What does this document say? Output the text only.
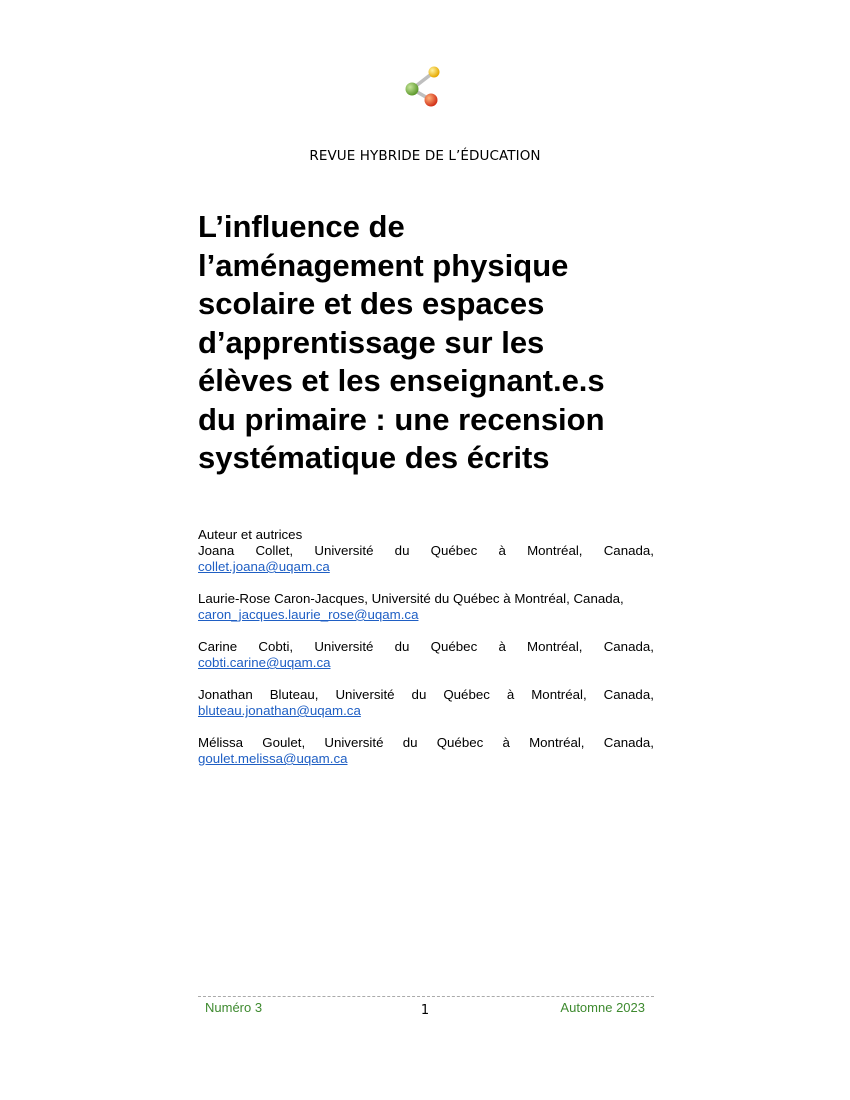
REVUE HYBRIDE DE L’ÉDUCATION
L’influence de
l’aménagement physique
scolaire et des espaces
d’apprentissage sur les
élèves et les enseignant.e.s
du primaire : une recension
systématique des écrits
Auteur et autrices
Joana Collet, Université du Québec à Montréal, Canada,
collet.joana@uqam.ca
Laurie-Rose Caron-Jacques, Université du Québec à Montréal, Canada,
caron_jacques.laurie_rose@uqam.ca
Carine Cobti, Université du Québec à Montréal, Canada,
cobti.carine@uqam.ca
Jonathan Bluteau, Université du Québec à Montréal, Canada,
bluteau.jonathan@uqam.ca
Mélissa Goulet, Université du Québec à Montréal, Canada,
goulet.melissa@uqam.ca
Numéro 3	1	Automne 2023
